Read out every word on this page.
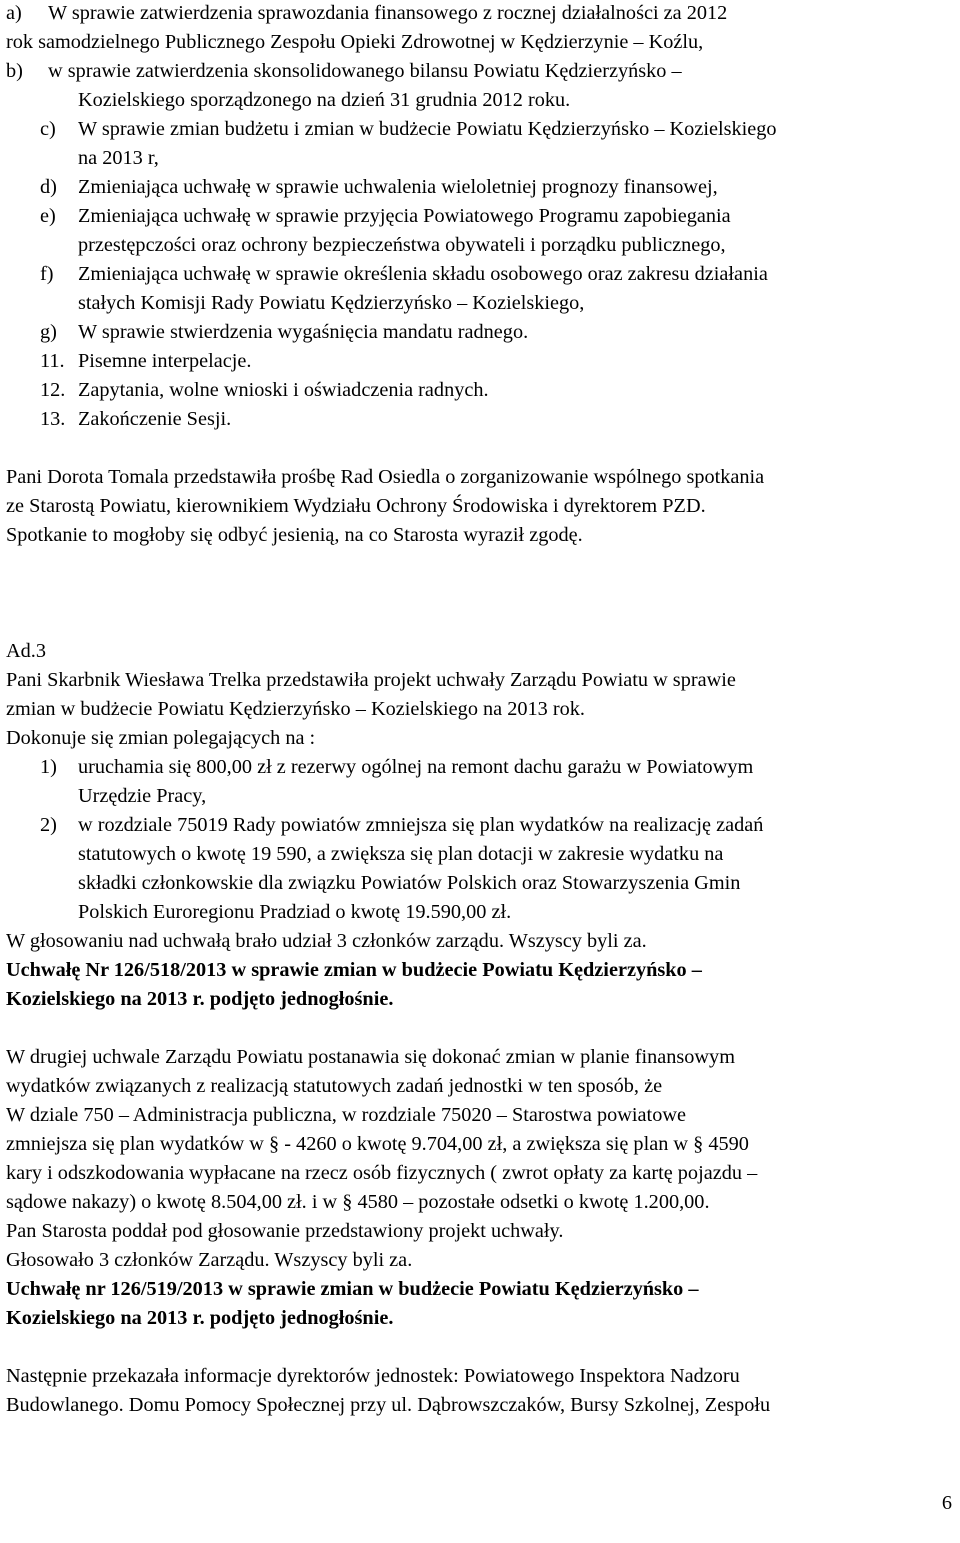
a) W sprawie zatwierdzenia sprawozdania finansowego z rocznej działalności za 2012
rok samodzielnego Publicznego Zespołu Opieki Zdrowotnej w Kędzierzynie – Koźlu,
b) w sprawie zatwierdzenia skonsolidowanego bilansu Powiatu Kędzierzyńsko –
Kozielskiego sporządzonego na dzień 31 grudnia 2012 roku.
c) W sprawie zmian budżetu i zmian w budżecie Powiatu Kędzierzyńsko – Kozielskiego
na 2013 r,
d) Zmieniająca uchwałę w sprawie uchwalenia wieloletniej prognozy finansowej,
e) Zmieniająca uchwałę w sprawie przyjęcia Powiatowego Programu zapobiegania
przestępczości oraz ochrony bezpieczeństwa obywateli i porządku publicznego,
f) Zmieniająca uchwałę w sprawie określenia składu osobowego oraz zakresu działania
stałych Komisji Rady Powiatu Kędzierzyńsko – Kozielskiego,
g) W sprawie stwierdzenia wygaśnięcia mandatu radnego.
11. Pisemne interpelacje.
12. Zapytania, wolne wnioski i oświadczenia radnych.
13. Zakończenie Sesji.
Pani Dorota Tomala przedstawiła prośbę Rad Osiedla o zorganizowanie wspólnego spotkania
ze Starostą Powiatu, kierownikiem Wydziału Ochrony Środowiska i dyrektorem PZD.
Spotkanie to mogłoby się odbyć jesienią, na co Starosta wyraził zgodę.
Ad.3
Pani Skarbnik Wiesława Trelka przedstawiła projekt uchwały Zarządu Powiatu w sprawie
zmian w budżecie Powiatu Kędzierzyńsko – Kozielskiego na 2013 rok.
Dokonuje się zmian polegających na :
1) uruchamia się 800,00 zł z rezerwy ogólnej na remont dachu garażu w Powiatowym
Urzędzie Pracy,
2) w rozdziale 75019 Rady powiatów zmniejsza się plan wydatków na realizację zadań
statutowych o kwotę 19 590, a zwiększa się plan dotacji w zakresie wydatku na
składki członkowskie dla związku Powiatów Polskich oraz Stowarzyszenia Gmin
Polskich Euroregionu Pradziad o kwotę 19.590,00 zł.
W głosowaniu nad uchwałą brało udział 3 członków zarządu. Wszyscy byli za.
Uchwałę Nr 126/518/2013 w sprawie zmian w budżecie Powiatu Kędzierzyńsko –
Kozielskiego na 2013 r. podjęto jednogłośnie.
W drugiej uchwale Zarządu Powiatu postanawia się dokonać zmian w planie finansowym
wydatków związanych z realizacją statutowych zadań jednostki w ten sposób, że
W dziale 750 – Administracja publiczna, w rozdziale 75020 – Starostwa powiatowe
zmniejsza się plan wydatków w § - 4260 o kwotę 9.704,00 zł, a zwiększa się plan w § 4590
kary i odszkodowania wypłacane na rzecz osób fizycznych ( zwrot opłaty za kartę pojazdu –
sądowe nakazy) o kwotę 8.504,00 zł. i w § 4580 – pozostałe odsetki o kwotę 1.200,00.
Pan Starosta poddał pod głosowanie przedstawiony projekt uchwały.
Głosowało 3 członków Zarządu. Wszyscy byli za.
Uchwałę nr 126/519/2013 w sprawie zmian w budżecie Powiatu Kędzierzyńsko –
Kozielskiego na 2013 r. podjęto jednogłośnie.
Następnie przekazała informacje dyrektorów jednostek: Powiatowego Inspektora Nadzoru
Budowlanego. Domu Pomocy Społecznej przy ul. Dąbrowszczaków, Bursy Szkolnej, Zespołu
6
